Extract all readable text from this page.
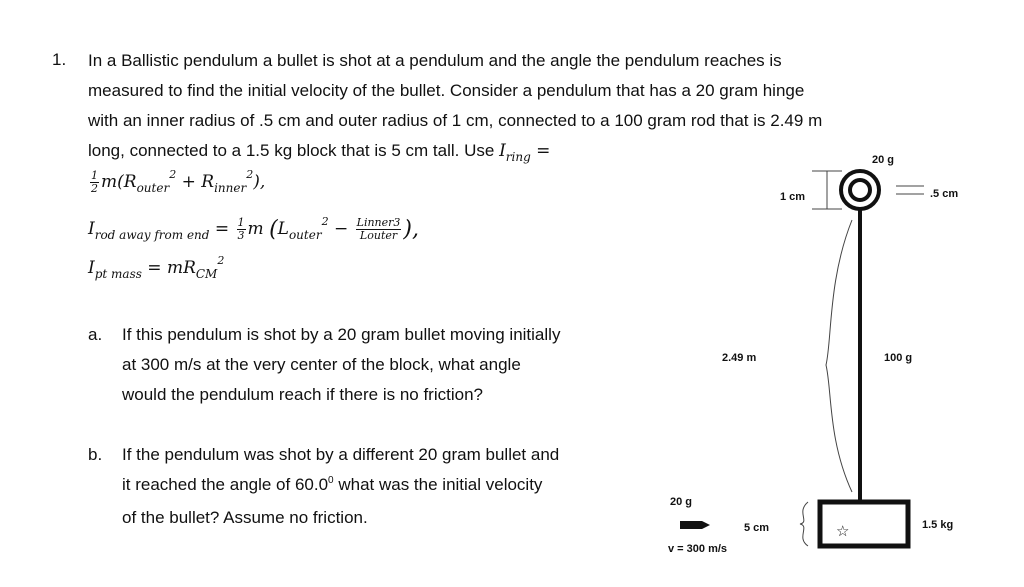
1. In a Ballistic pendulum a bullet is shot at a pendulum and the angle the pendulum reaches is
measured to find the initial velocity of the bullet. Consider a pendulum that has a 20 gram hinge
with an inner radius of .5 cm and outer radius of 1 cm, connected to a 100 gram rod that is 2.49 m
long, connected to a 1.5 kg block that is 5 cm tall. Use $I_{ring}$ =
$\frac{1}{2} m(R_{outer}^2 + R_{inner}^2)$,
$I_{rod away from end} = \frac{1}{3}$ m ($L_{outer}^2 - \frac{\text{Linner3}}{\text{Louter}}$ ),
$I_{pt mass} = mR_{CM}^2$
a. If this pendulum is shot by a 20 gram bullet moving initially
at 300 m/s at the very center of the block, what angle
would the pendulum reach if there is no friction?
b. If the pendulum was shot by a different 20 gram bullet and
it reached the angle of 60.0$^0$ what was the initial velocity
of the bullet? Assume no friction.
☆
20 g
1 cm	.5 cm
2.49 m	100 g
20 g
5 cm
v = 300 m/s
1.5 kg
